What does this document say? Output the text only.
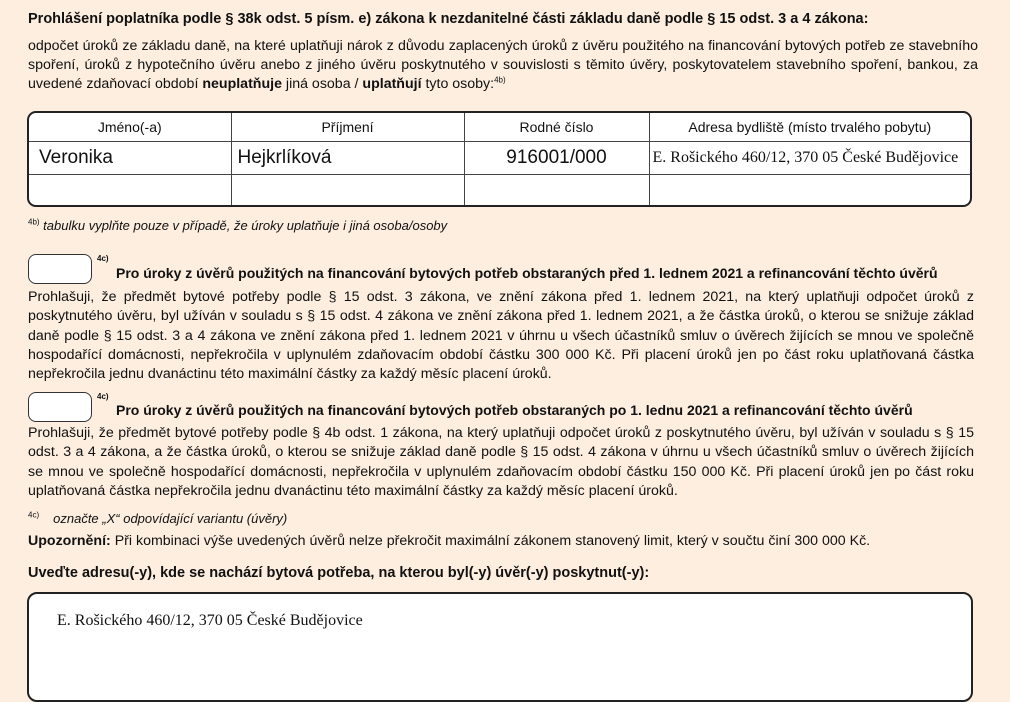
Prohlášení poplatníka podle § 38k odst. 5 písm. e) zákona k nezdanitelné části základu daně podle § 15 odst. 3 a 4 zákona:
odpočet úroků ze základu daně, na které uplatňuji nárok z důvodu zaplacených úroků z úvěru použitého na financování bytových potřeb ze stavebního spoření, úroků z hypotečního úvěru anebo z jiného úvěru poskytnutého v souvislosti s těmito úvěry, poskytovatelem stavebního spoření, bankou, za uvedené zdaňovací období neuplatňuje jiná osoba / uplatňují tyto osoby:$^{4b)}$
Jméno(-a)	Příjmení	Rodné číslo	Adresa bydliště (místo trvalého pobytu)
Veronika	Hejkrlíková	916001/000	E. Rošického 460/12, 370 05 České Budějovice

$^{4b)}$ tabulku vyplňte pouze v případě, že úroky uplatňuje i jiná osoba/osoby
4c)
Pro úroky z úvěrů použitých na financování bytových potřeb obstaraných před 1. lednem 2021 a refinancování těchto úvěrů
Prohlašuji, že předmět bytové potřeby podle § 15 odst. 3 zákona, ve znění zákona před 1. lednem 2021, na který uplatňuji odpočet úroků z poskytnutého úvěru, byl užíván v souladu s § 15 odst. 4 zákona ve znění zákona před 1. lednem 2021, a že částka úroků, o kterou se snižuje základ daně podle § 15 odst. 3 a 4 zákona ve znění zákona před 1. lednem 2021 v úhrnu u všech účastníků smluv o úvěrech žijících se mnou ve společně hospodařící domácnosti, nepřekročila v uplynulém zdaňovacím období částku 300 000 Kč. Při placení úroků jen po část roku uplatňovaná částka nepřekročila jednu dvanáctinu této maximální částky za každý měsíc placení úroků.
4c)
Pro úroky z úvěrů použitých na financování bytových potřeb obstaraných po 1. lednu 2021 a refinancování těchto úvěrů
Prohlašuji, že předmět bytové potřeby podle § 4b odst. 1 zákona, na který uplatňuji odpočet úroků z poskytnutého úvěru, byl užíván v souladu s § 15 odst. 3 a 4 zákona, a že částka úroků, o kterou se snižuje základ daně podle § 15 odst. 4 zákona v úhrnu u všech účastníků smluv o úvěrech žijících se mnou ve společně hospodařící domácnosti, nepřekročila v uplynulém zdaňovacím období částku 150 000 Kč. Při placení úroků jen po část roku uplatňovaná částka nepřekročila jednu dvanáctinu této maximální částky za každý měsíc placení úroků.
$^{4c)}$ označte „X“ odpovídající variantu (úvěry)
Upozornění: Při kombinaci výše uvedených úvěrů nelze překročit maximální zákonem stanovený limit, který v součtu činí 300 000 Kč.
Uveďte adresu(-y), kde se nachází bytová potřeba, na kterou byl(-y) úvěr(-y) poskytnut(-y):
E. Rošického 460/12, 370 05 České Budějovice
